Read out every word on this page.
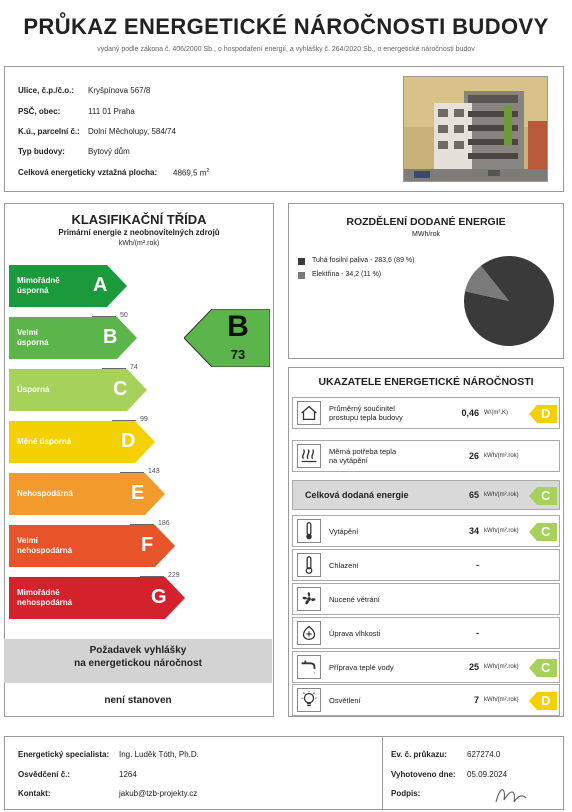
PRŮKAZ ENERGETICKÉ NÁROČNOSTI BUDOVY
vydaný podle zákona č. 406/2000 Sb., o hospodaření energií, a vyhlášky č. 264/2020 Sb., o energetické náročnosti budov
Ulice, č.p./č.o.: Kryšpínova 567/8
PSČ, obec:	111 01 Praha
K.ú., parcelní č.: Dolní Měcholupy, 584/74
Typ budovy:	Bytový dům
Celková energeticky vztažná plocha: 4869,5 $m^2$
KLASIFIKAČNÍ TŘÍDA
Primární energie z neobnovitelných zdrojů
kWh/(m².rok)
Mimořádně
úsporná	A
Velmi
úsporná	B
Úsporná	C
Méně úsporná D
Nehospodárná	E
Velmi
nehospodárná	F
Mimořádně
nehospodárná	G
50
74
99
143
186
229
B
73
Požadavek vyhlášky
na energetickou náročnost
není stanoven
ROZDĚLENÍ DODANÉ ENERGIE
MWh/rok
Tuhá fosilní paliva - 283,6 (89 %)
Elektřina - 34,2 (11 %)
UKAZATELE ENERGETICKÉ NÁROČNOSTI
Průměrný součinitel
prostupu tepla budovy	0,46 W/(m².K)	D
Měrná potřeba tepla
na vytápění	26 kWh/(m².rok)
Celková dodaná energie	65 kWh/(m².rok) C
Vytápění	34 kWh/(m².rok) C
Chlazení	-
Nucené větrání
Úprava vlhkosti	-
Příprava teplé vody	25 kWh/(m².rok) C
Osvětlení	7 kWh/(m².rok) D
Energetický specialista: Ing. Luděk Tóth, Ph.D.
Osvědčení č.:	1264
Kontakt:	jakub@tzb-projekty.cz
Ev. č. průkazu:	627274.0
Vyhotoveno dne: 05.09.2024
Podpis:
